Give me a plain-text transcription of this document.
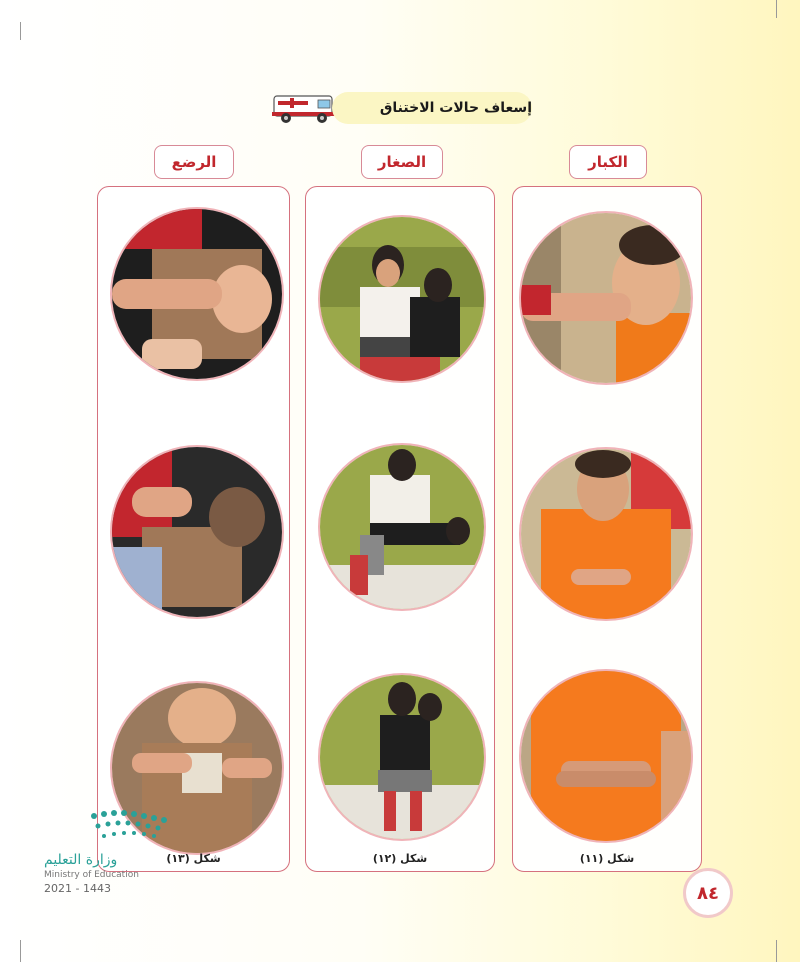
إسعاف حالات الاختناق
الكبار
الصغار
الرضع
شكل (١١)
شكل (١٢)
شكل (١٣)
وزارة التعليم
Ministry of Education
2021 - 1443	٨٤
